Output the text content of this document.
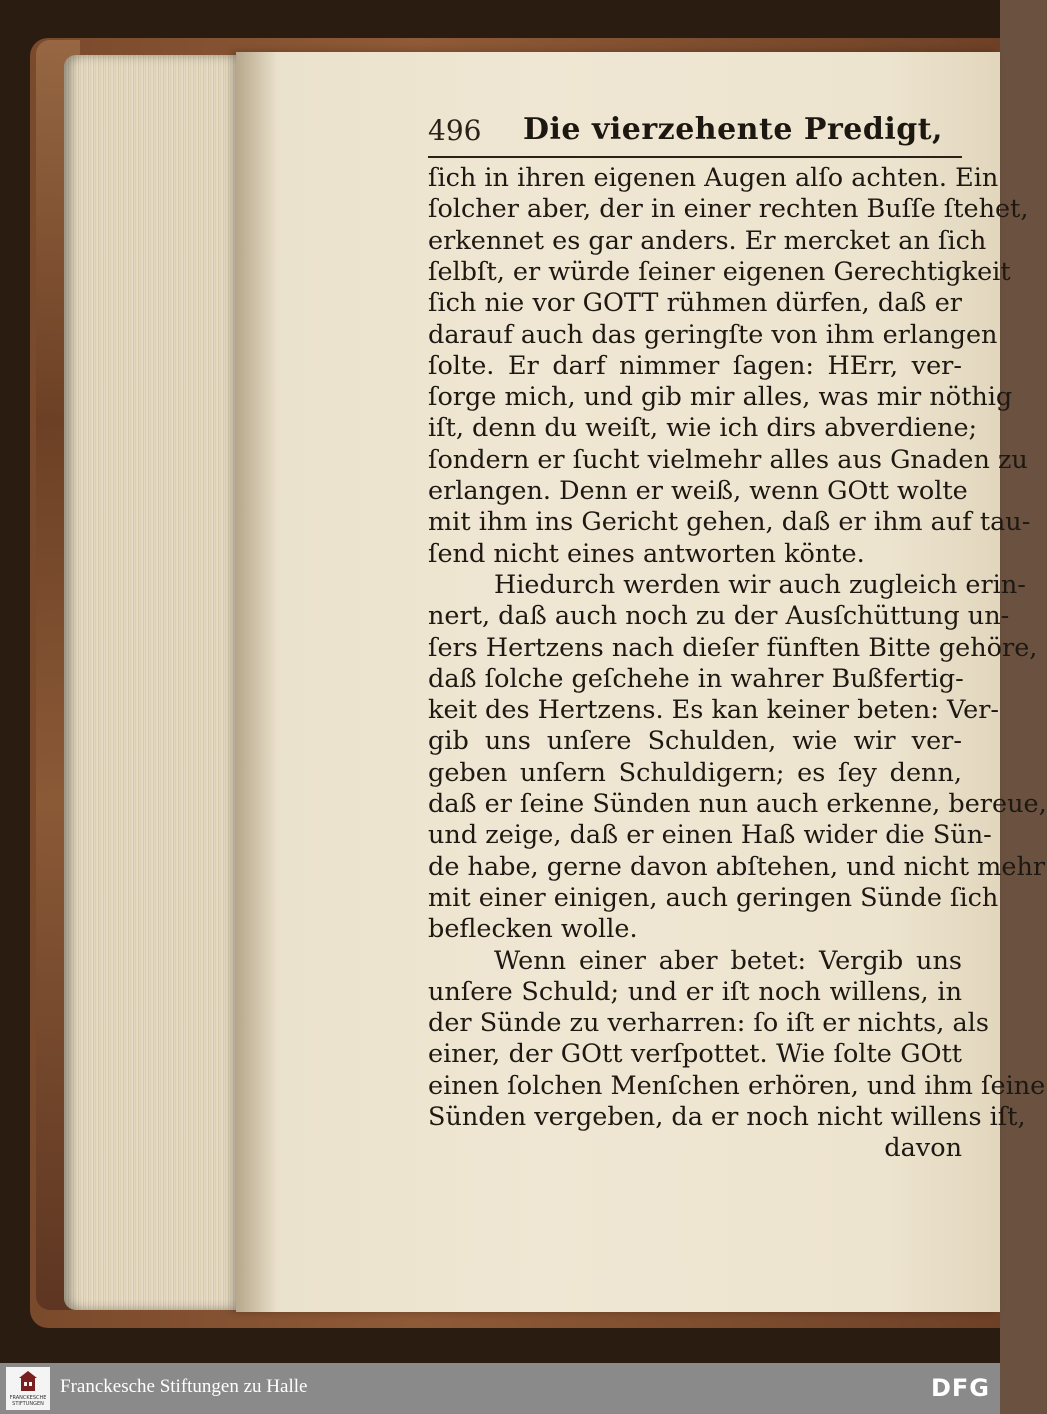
496 Die vierzehente Predigt,
ſich in ihren eigenen Augen alſo achten. Ein
ſolcher aber, der in einer rechten Buſſe ſtehet,
erkennet es gar anders. Er mercket an ſich
ſelbſt, er würde ſeiner eigenen Gerechtigkeit
ſich nie vor GOTT rühmen dürfen, daß er
darauf auch das geringſte von ihm erlangen
ſolte. Er darf nimmer ſagen: HErr, ver-
ſorge mich, und gib mir alles, was mir nöthig
iſt, denn du weiſt, wie ich dirs abverdiene;
ſondern er ſucht vielmehr alles aus Gnaden zu
erlangen. Denn er weiß, wenn GOtt wolte
mit ihm ins Gericht gehen, daß er ihm auf tau-
ſend nicht eines antworten könte.
Hiedurch werden wir auch zugleich erin-
nert, daß auch noch zu der Ausſchüttung un-
ſers Hertzens nach dieſer fünften Bitte gehöre,
daß ſolche geſchehe in wahrer Bußfertig-
keit des Hertzens. Es kan keiner beten: Ver-
gib uns unſere Schulden, wie wir ver-
geben unſern Schuldigern; es ſey denn,
daß er ſeine Sünden nun auch erkenne, bereue,
und zeige, daß er einen Haß wider die Sün-
de habe, gerne davon abſtehen, und nicht mehr
mit einer einigen, auch geringen Sünde ſich
beflecken wolle.
Wenn einer aber betet: Vergib uns
unſere Schuld; und er iſt noch willens, in
der Sünde zu verharren: ſo iſt er nichts, als
einer, der GOtt verſpottet. Wie ſolte GOtt
einen ſolchen Menſchen erhören, und ihm ſeine
Sünden vergeben, da er noch nicht willens iſt,
davon
FRANCKESCHE STIFTUNGEN
Franckesche Stiftungen zu Halle	DFG
